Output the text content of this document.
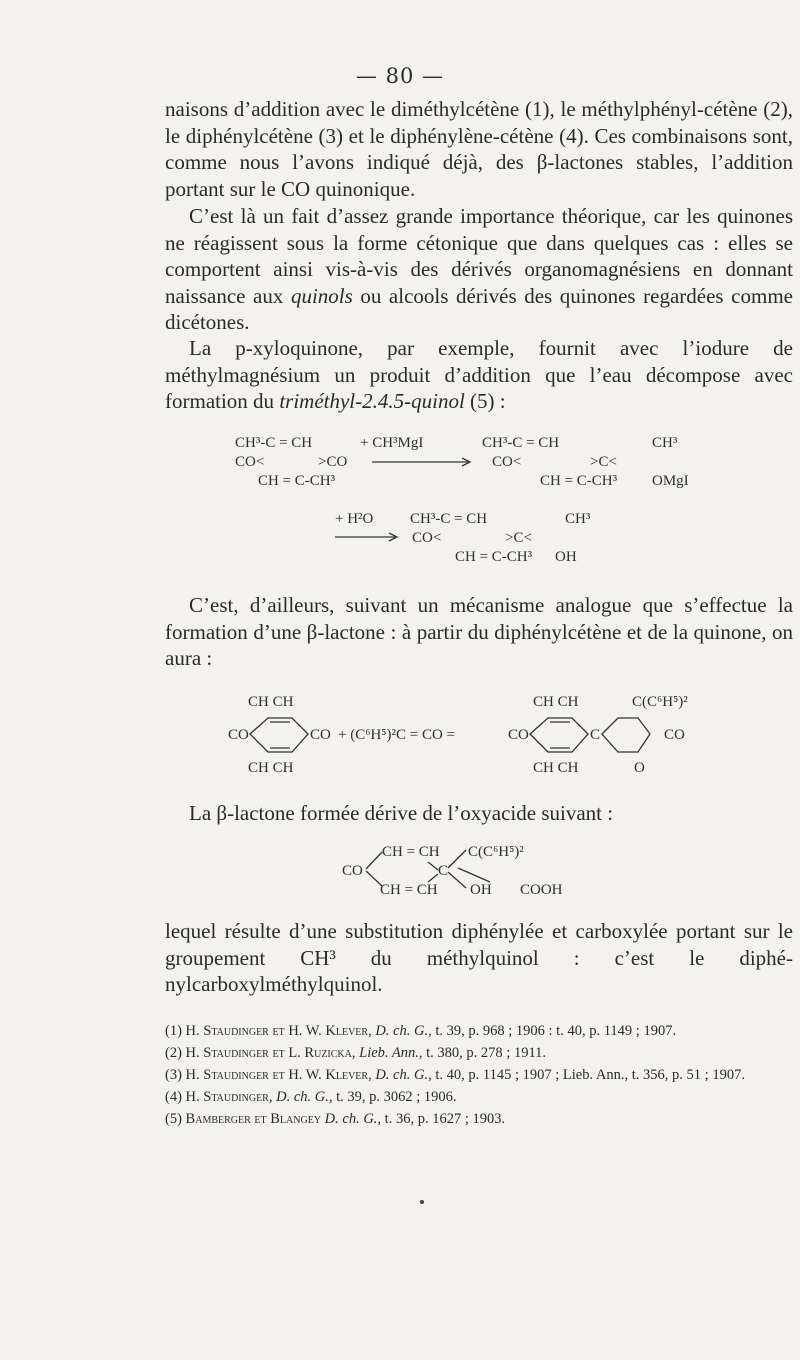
— 80 —

naisons d’addition avec le diméthylcétène (1), le méthylphényl-cétène (2), le diphénylcétène (3) et le diphénylène-cétène (4). Ces combinaisons sont, comme nous l’avons indiqué déjà, des β-lactones stables, l’addition portant sur le CO quinonique.

C’est là un fait d’assez grande importance théorique, car les quinones ne réagissent sous la forme cétonique que dans quelques cas : elles se comportent ainsi vis-à-vis des dérivés organomagnésiens en donnant naissance aux quinols ou alcools dérivés des quinones regardées comme dicétones.

La p-xyloquinone, par exemple, fournit avec l’iodure de méthylmagnésium un produit d’addition que l’eau décompose avec formation du triméthyl-2.4.5-quinol (5) :

CH³-C = CH	+ CH³MgI	CH³-C = CH	CH³
CO<	>CO	CO<	>C<
CH = C-CH³	CH = C-CH³ OMgI
+ H²O CH³-C = CH	CH³
CO<	>C<
CH = C-CH³ OH

C’est, d’ailleurs, suivant un mécanisme analogue que s’effectue la formation d’une β-lactone : à partir du diphénylcétène et de la quinone, on aura :

CH CH	CH CH	C(C⁶H⁵)²
CO	CO + (C⁶H⁵)²C = CO =	CO	C	CO
CH CH	CH CH	O

La β-lactone formée dérive de l’oxyacide suivant :

CH = CH C(C⁶H⁵)²
CO	C
CH = CH OH COOH

lequel résulte d’une substitution diphénylée et carboxylée portant sur le groupement CH³ du méthylquinol : c’est le diphé-nylcarboxylméthylquinol.

(1) H. Staudinger et H. W. Klever, D. ch. G., t. 39, p. 968 ; 1906 : t. 40, p. 1149 ; 1907.
(2) H. Staudinger et L. Ruzicka, Lieb. Ann., t. 380, p. 278 ; 1911.
(3) H. Staudinger et H. W. Klever, D. ch. G., t. 40, p. 1145 ; 1907 ; Lieb. Ann., t. 356, p. 51 ; 1907.
(4) H. Staudinger, D. ch. G., t. 39, p. 3062 ; 1906.
(5) Bamberger et Blangey D. ch. G., t. 36, p. 1627 ; 1903.
